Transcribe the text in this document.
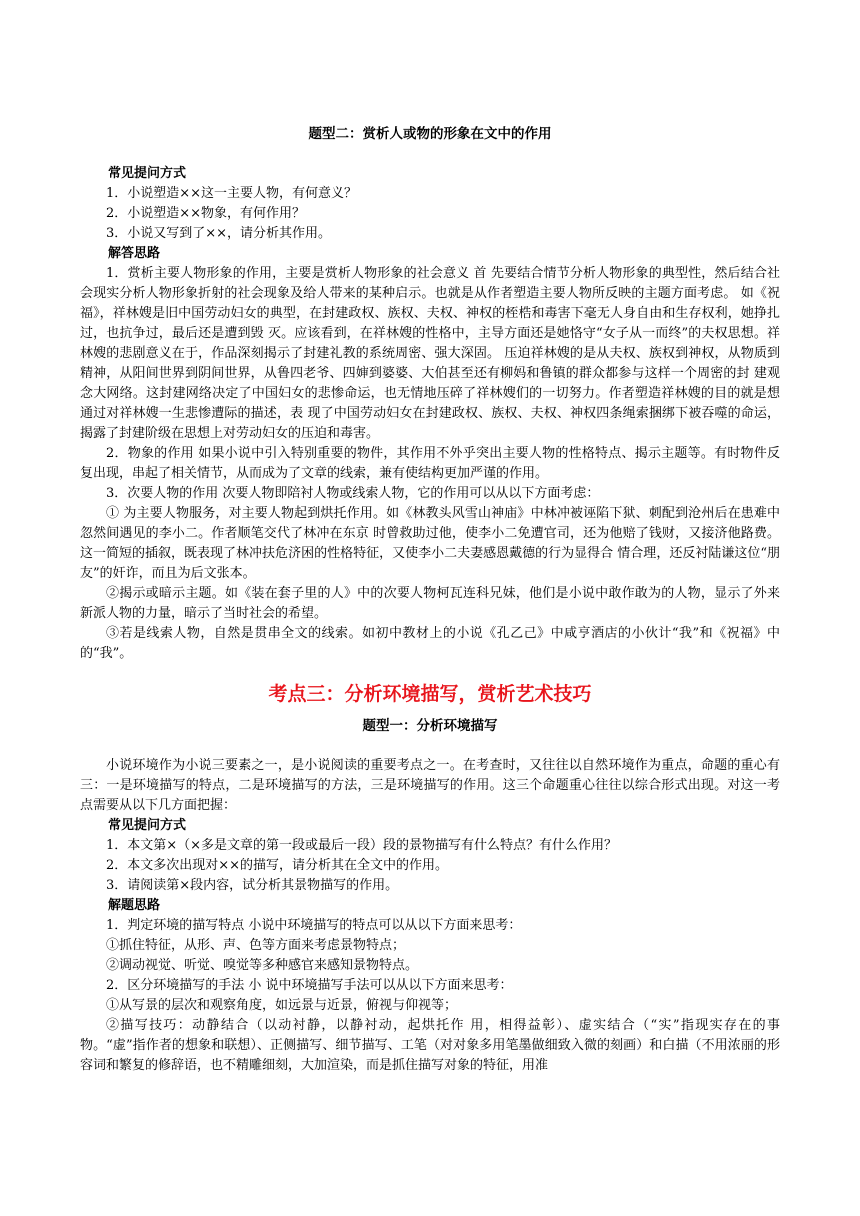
题型二：赏析人或物的形象在文中的作用
常见提问方式
1．小说塑造××这一主要人物，有何意义？
2．小说塑造××物象，有何作用？
3．小说又写到了××，请分析其作用。
解答思路

1．赏析主要人物形象的作用，主要是赏析人物形象的社会意义 首 先要结合情节分析人物形象的典型性，然后结合社会现实分析人物形象折射的社会现象及给人带来的某种启示。也就是从作者塑造主要人物所反映的主题方面考虑。 如《祝福》，祥林嫂是旧中国劳动妇女的典型，在封建政权、族权、夫权、神权的桎梏和毒害下毫无人身自由和生存权利，她挣扎过，也抗争过，最后还是遭到毁 灭。应该看到，在祥林嫂的性格中，主导方面还是她恪守“女子从一而终”的夫权思想。祥林嫂的悲剧意义在于，作品深刻揭示了封建礼教的系统周密、强大深固。 压迫祥林嫂的是从夫权、族权到神权，从物质到精神，从阳间世界到阴间世界，从鲁四老爷、四婶到婆婆、大伯甚至还有柳妈和鲁镇的群众都参与这样一个周密的封 建观念大网络。这封建网络决定了中国妇女的悲惨命运，也无情地压碎了祥林嫂们的一切努力。作者塑造祥林嫂的目的就是想通过对祥林嫂一生悲惨遭际的描述，表 现了中国劳动妇女在封建政权、族权、夫权、神权四条绳索捆绑下被吞噬的命运，揭露了封建阶级在思想上对劳动妇女的压迫和毒害。

2．物象的作用 如果小说中引入特别重要的物件，其作用不外乎突出主要人物的性格特点、揭示主题等。有时物件反复出现，串起了相关情节，从而成为了文章的线索，兼有使结构更加严谨的作用。

3．次要人物的作用 次要人物即陪衬人物或线索人物，它的作用可以从以下方面考虑：

① 为主要人物服务，对主要人物起到烘托作用。如《林教头风雪山神庙》中林冲被诬陷下狱、刺配到沧州后在患难中忽然间遇见的李小二。作者顺笔交代了林冲在东京 时曾救助过他，使李小二免遭官司，还为他赔了钱财，又接济他路费。这一简短的插叙，既表现了林冲扶危济困的性格特征，又使李小二夫妻感恩戴德的行为显得合 情合理，还反衬陆谦这位“朋友”的奸诈，而且为后文张本。

②揭示或暗示主题。如《装在套子里的人》中的次要人物柯瓦连科兄妹，他们是小说中敢作敢为的人物，显示了外来新派人物的力量，暗示了当时社会的希望。

③若是线索人物，自然是贯串全文的线索。如初中教材上的小说《孔乙己》中咸亨酒店的小伙计“我”和《祝福》中的“我”。

考点三：分析环境描写，赏析艺术技巧
题型一：分析环境描写

小说环境作为小说三要素之一，是小说阅读的重要考点之一。在考查时，又往往以自然环境作为重点，命题的重心有三：一是环境描写的特点，二是环境描写的方法，三是环境描写的作用。这三个命题重心往往以综合形式出现。对这一考点需要从以下几方面把握：

常见提问方式
1．本文第×（×多是文章的第一段或最后一段）段的景物描写有什么特点？有什么作用？
2．本文多次出现对××的描写，请分析其在全文中的作用。
3．请阅读第×段内容，试分析其景物描写的作用。
解题思路
1．判定环境的描写特点 小说中环境描写的特点可以从以下方面来思考：
①抓住特征，从形、声、色等方面来考虑景物特点；
②调动视觉、听觉、嗅觉等多种感官来感知景物特点。
2．区分环境描写的手法 小 说中环境描写手法可以从以下方面来思考：
①从写景的层次和观察角度，如远景与近景，俯视与仰视等；

②描写技巧：动静结合（以动衬静，以静衬动，起烘托作 用，相得益彰）、虚实结合（“实”指现实存在的事物。“虚”指作者的想象和联想）、正侧描写、细节描写、工笔（对对象多用笔墨做细致入微的刻画）和白描（不用浓丽的形容词和繁复的修辞语，也不精雕细刻，大加渲染，而是抓住描写对象的特征，用准
